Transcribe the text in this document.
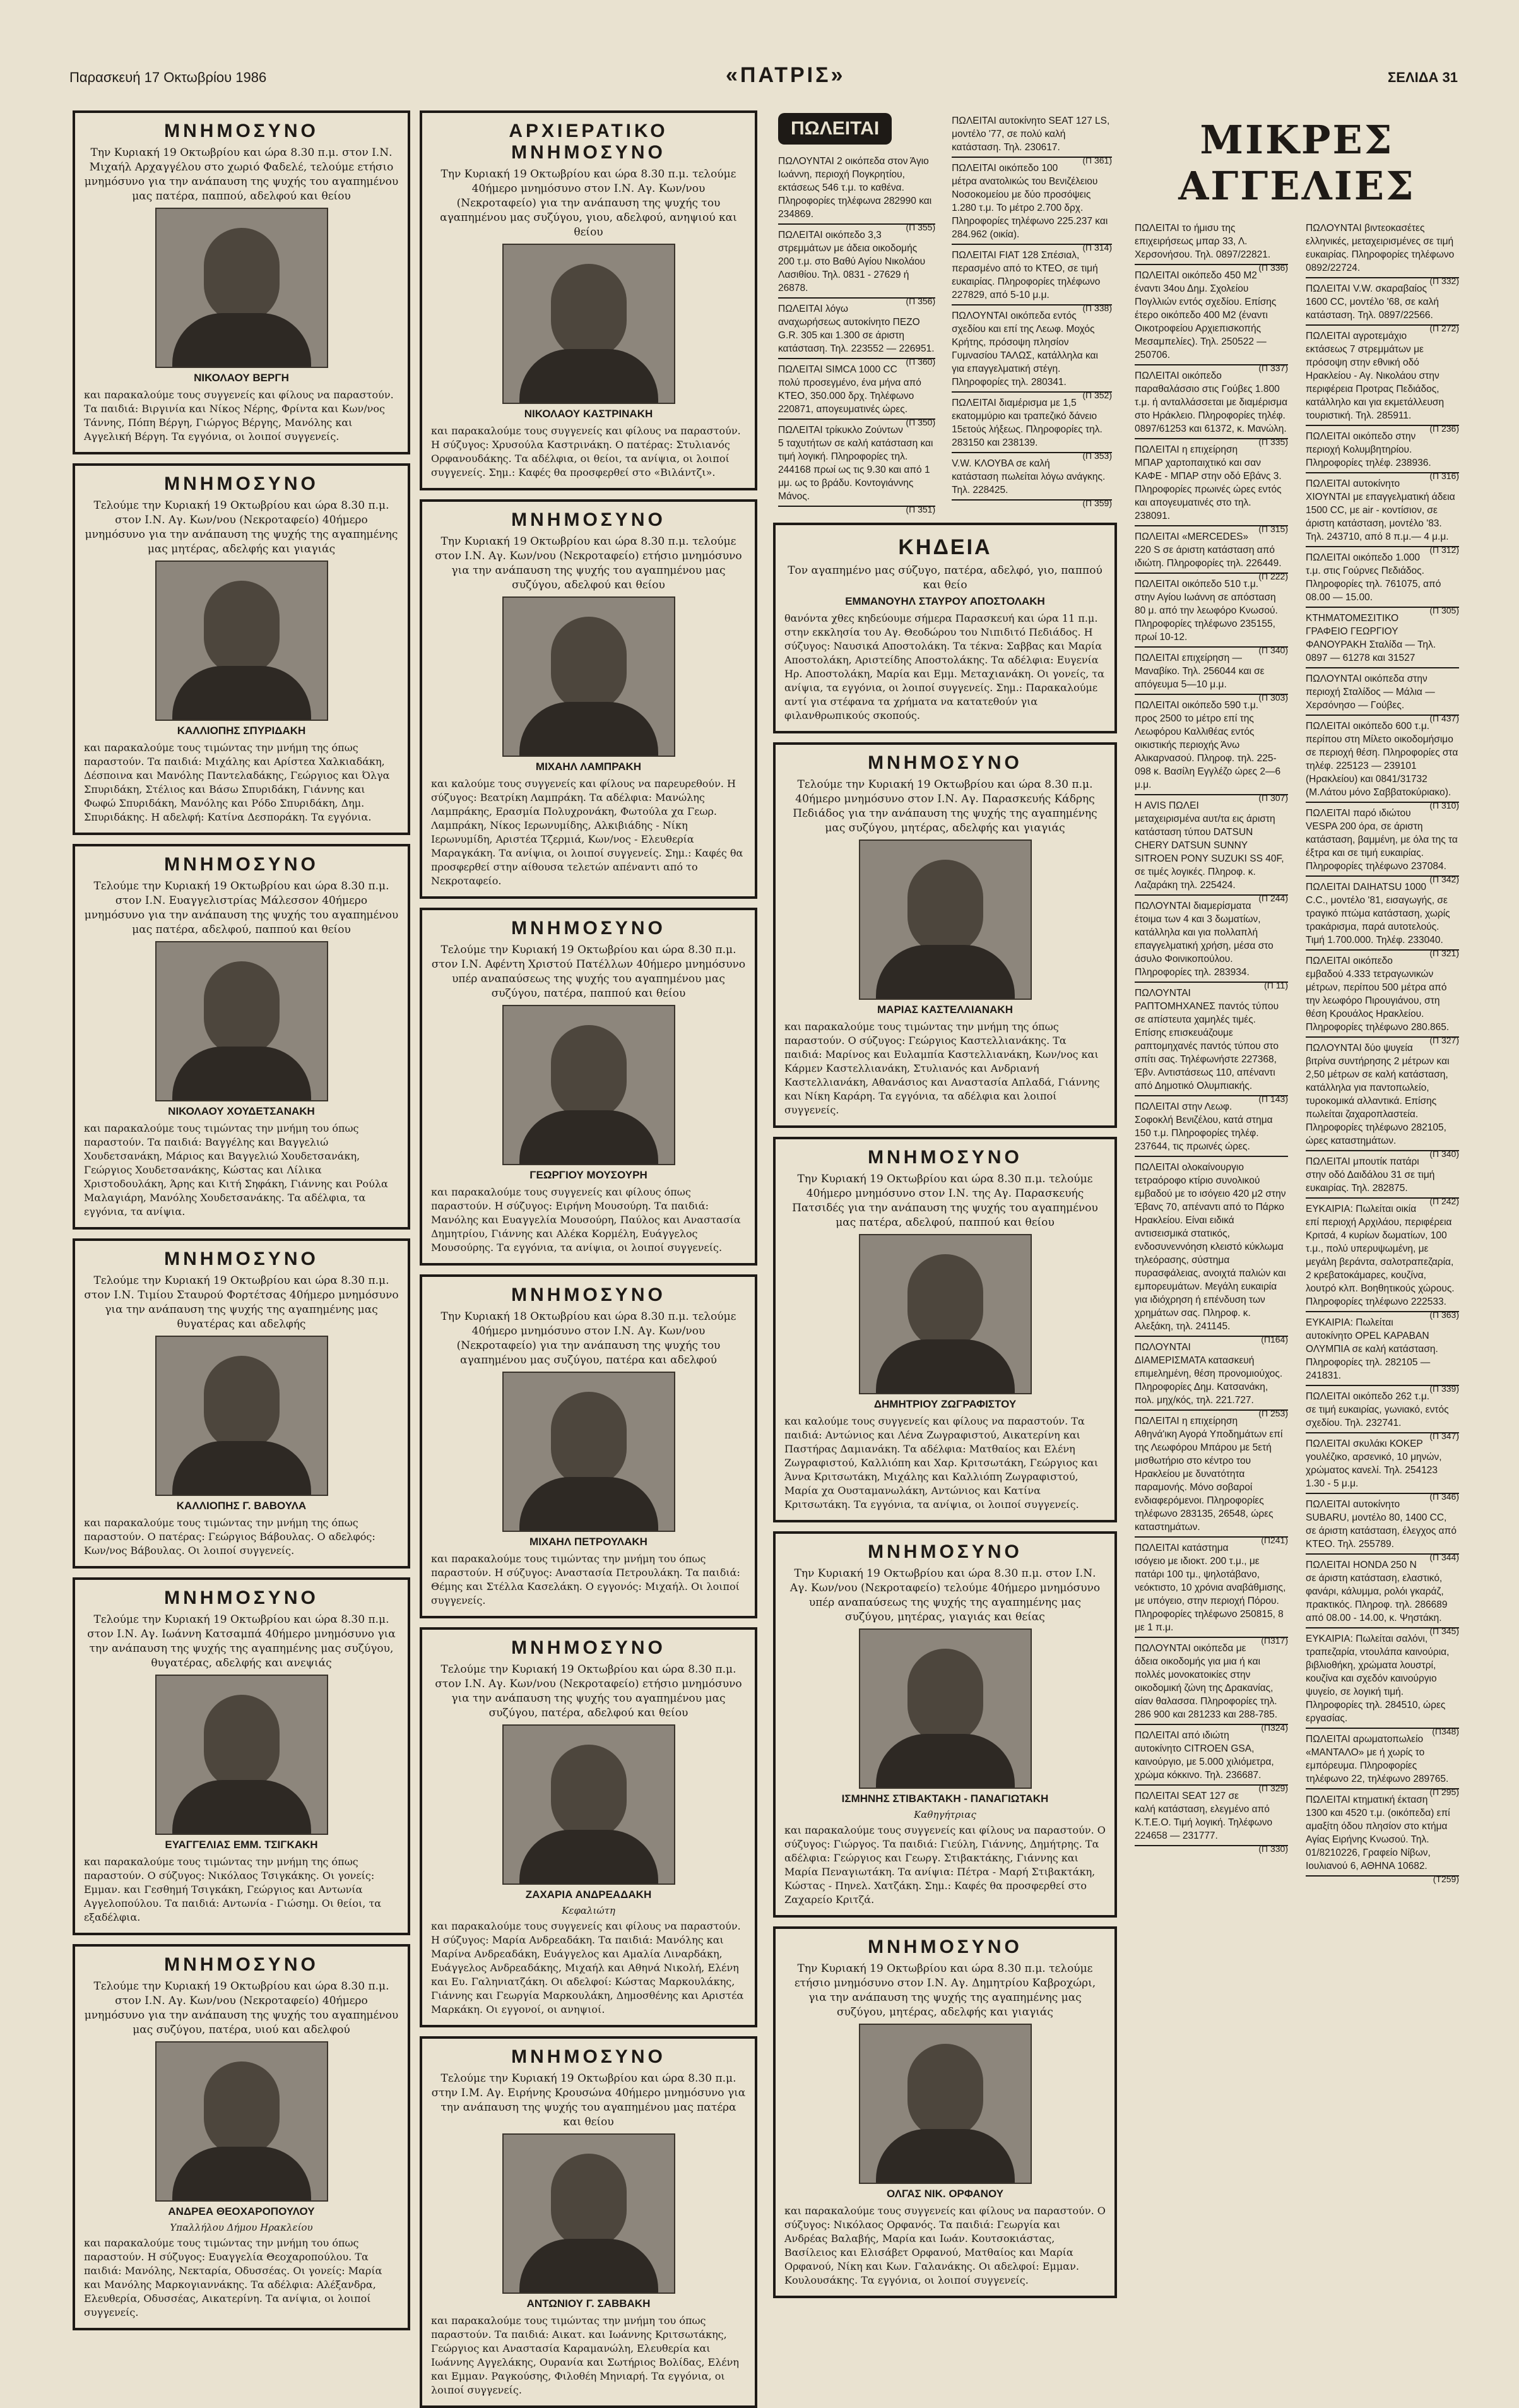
Παρασκευή 17 Οκτωβρίου 1986	«ΠΑΤΡΙΣ»	ΣΕΛΙΔΑ 31
ΜΝΗΜΟΣΥΝΟ

Την Κυριακή 19 Οκτωβρίου και ώρα 8.30 π.μ. στον Ι.Ν. Μιχαήλ Αρχαγγέλου στο χωριό Φαδελέ, τελούμε ετήσιο μνημόσυνο για την ανάπαυση της ψυχής του αγαπημένου μας πατέρα, παππού, αδελφού και θείου

ΝΙΚΟΛΑΟΥ ΒΕΡΓΗ

και παρακαλούμε τους συγγενείς και φίλους να παραστούν. Τα παιδιά: Βιργινία και Νίκος Νέρης, Φρίντα και Κων/νος Τάννης, Πόπη Βέργη, Γιώργος Βέργης, Μανόλης και Αγγελική Βέργη. Τα εγγόνια, οι λοιποί συγγενείς.

ΜΝΗΜΟΣΥΝΟ

Τελούμε την Κυριακή 19 Οκτωβρίου και ώρα 8.30 π.μ. στον Ι.Ν. Αγ. Κων/νου (Νεκροταφείο) 40ήμερο μνημόσυνο για την ανάπαυση της ψυχής της αγαπημένης μας μητέρας, αδελφής και γιαγιάς

ΚΑΛΛΙΟΠΗΣ ΣΠΥΡΙΔΑΚΗ

και παρακαλούμε τους τιμώντας την μνήμη της όπως παραστούν. Τα παιδιά: Μιχάλης και Αρίστεα Χαλκιαδάκη, Δέσποινα και Μανόλης Παντελαδάκης, Γεώργιος και Όλγα Σπυριδάκη, Στέλιος και Βάσω Σπυριδάκη, Γιάννης και Φωφώ Σπυριδάκη, Μανόλης και Ρόδο Σπυριδάκη, Δημ. Σπυριδάκης. Η αδελφή: Κατίνα Δεσποράκη. Τα εγγόνια.

ΜΝΗΜΟΣΥΝΟ

Τελούμε την Κυριακή 19 Οκτωβρίου και ώρα 8.30 π.μ. στον Ι.Ν. Ευαγγελιστρίας Μάλεσσον 40ήμερο μνημόσυνο για την ανάπαυση της ψυχής του αγαπημένου μας πατέρα, αδελφού, παππού και θείου

ΝΙΚΟΛΑΟΥ ΧΟΥΔΕΤΣΑΝΑΚΗ

και παρακαλούμε τους τιμώντας την μνήμη του όπως παραστούν. Τα παιδιά: Βαγγέλης και Βαγγελιώ Χουδετσανάκη, Μάριος και Βαγγελιώ Χουδετσανάκη, Γεώργιος Χουδετσανάκης, Κώστας και Λίλικα Χριστοδουλάκη, Άρης και Κιτή Σηφάκη, Γιάννης και Ρούλα Μαλαγιάρη, Μανόλης Χουδετσανάκης. Τα αδέλφια, τα εγγόνια, τα ανίψια.

ΜΝΗΜΟΣΥΝΟ

Τελούμε την Κυριακή 19 Οκτωβρίου και ώρα 8.30 π.μ. στον Ι.Ν. Τιμίου Σταυρού Φορτέτσας 40ήμερο μνημόσυνο για την ανάπαυση της ψυχής της αγαπημένης μας θυγατέρας και αδελφής

ΚΑΛΛΙΟΠΗΣ Γ. ΒΑΒΟΥΛΑ

και παρακαλούμε τους τιμώντας την μνήμη της όπως παραστούν. Ο πατέρας: Γεώργιος Βάβουλας. Ο αδελφός: Κων/νος Βάβουλας. Οι λοιποί συγγενείς.

ΜΝΗΜΟΣΥΝΟ

Τελούμε την Κυριακή 19 Οκτωβρίου και ώρα 8.30 π.μ. στον Ι.Ν. Αγ. Ιωάννη Κατσαμπά 40ήμερο μνημόσυνο για την ανάπαυση της ψυχής της αγαπημένης μας συζύγου, θυγατέρας, αδελφής και ανεψιάς

ΕΥΑΓΓΕΛΙΑΣ ΕΜΜ. ΤΣΙΓΚΑΚΗ

και παρακαλούμε τους τιμώντας την μνήμη της όπως παραστούν. Ο σύζυγος: Νικόλαος Τσιγκάκης. Οι γονείς: Εμμαν. και Γεσθημή Τσιγκάκη, Γεώργιος και Αντωνία Αγγελοπούλου. Τα παιδιά: Αντωνία - Γιώσημ. Οι θείοι, τα εξαδέλφια.

ΜΝΗΜΟΣΥΝΟ

Τελούμε την Κυριακή 19 Οκτωβρίου και ώρα 8.30 π.μ. στον Ι.Ν. Αγ. Κων/νου (Νεκροταφείο) 40ήμερο μνημόσυνο για την ανάπαυση της ψυχής του αγαπημένου μας συζύγου, πατέρα, υιού και αδελφού

ΑΝΔΡΕΑ ΘΕΟΧΑΡΟΠΟΥΛΟΥ
Υπαλλήλου Δήμου Ηρακλείου

και παρακαλούμε τους τιμώντας την μνήμη του όπως παραστούν. Η σύζυγος: Ευαγγελία Θεοχαροπούλου. Τα παιδιά: Μανόλης, Νεκταρία, Οδυσσέας. Οι γονείς: Μαρία και Μανόλης Μαρκογιαννάκης. Τα αδέλφια: Αλέξανδρα, Ελευθερία, Οδυσσέας, Αικατερίνη. Τα ανίψια, οι λοιποί συγγενείς.

ΑΡΧΙΕΡΑΤΙΚΟ ΜΝΗΜΟΣΥΝΟ

Την Κυριακή 19 Οκτωβρίου και ώρα 8.30 π.μ. τελούμε 40ήμερο μνημόσυνο στον Ι.Ν. Αγ. Κων/νου (Νεκροταφείο) για την ανάπαυση της ψυχής του αγαπημένου μας συζύγου, γιου, αδελφού, ανηψιού και θείου

ΝΙΚΟΛΑΟΥ ΚΑΣΤΡΙΝΑΚΗ

και παρακαλούμε τους συγγενείς και φίλους να παραστούν. Η σύζυγος: Χρυσούλα Καστρινάκη. Ο πατέρας: Στυλιανός Ορφανουδάκης. Τα αδέλφια, οι θείοι, τα ανίψια, οι λοιποί συγγενείς. Σημ.: Καφές θα προσφερθεί στο «Βιλάντζι».

ΜΝΗΜΟΣΥΝΟ

Την Κυριακή 19 Οκτωβρίου και ώρα 8.30 π.μ. τελούμε στον Ι.Ν. Αγ. Κων/νου (Νεκροταφείο) ετήσιο μνημόσυνο για την ανάπαυση της ψυχής του αγαπημένου μας συζύγου, αδελφού και θείου

ΜΙΧΑΗΛ ΛΑΜΠΡΑΚΗ

και καλούμε τους συγγενείς και φίλους να παρευρεθούν. Η σύζυγος: Βεατρίκη Λαμπράκη. Τα αδέλφια: Μανώλης Λαμπράκης, Ερασμία Πολυχρονάκη, Φωτούλα χα Γεωρ. Λαμπράκη, Νίκος Ιερωνυμίδης, Αλκιβιάδης - Νίκη Ιερωνυμίδη, Αριστέα Τζερμιά, Κων/νος - Ελευθερία Μαραγκάκη. Τα ανίψια, οι λοιποί συγγενείς. Σημ.: Καφές θα προσφερθεί στην αίθουσα τελετών απέναντι από το Νεκροταφείο.

ΜΝΗΜΟΣΥΝΟ

Τελούμε την Κυριακή 19 Οκτωβρίου και ώρα 8.30 π.μ. στον Ι.Ν. Αφέντη Χριστού Πατέλλων 40ήμερο μνημόσυνο υπέρ αναπαύσεως της ψυχής του αγαπημένου μας συζύγου, πατέρα, παππού και θείου

ΓΕΩΡΓΙΟΥ ΜΟΥΣΟΥΡΗ

και παρακαλούμε τους συγγενείς και φίλους όπως παραστούν. Η σύζυγος: Ειρήνη Μουσούρη. Τα παιδιά: Μανόλης και Ευαγγελία Μουσούρη, Παύλος και Αναστασία Δημητρίου, Γιάννης και Αλέκα Κορμέλη, Ευάγγελος Μουσούρης. Τα εγγόνια, τα ανίψια, οι λοιποί συγγενείς.

ΜΝΗΜΟΣΥΝΟ

Την Κυριακή 18 Οκτωβρίου και ώρα 8.30 π.μ. τελούμε 40ήμερο μνημόσυνο στον Ι.Ν. Αγ. Κων/νου (Νεκροταφείο) για την ανάπαυση της ψυχής του αγαπημένου μας συζύγου, πατέρα και αδελφού

ΜΙΧΑΗΛ ΠΕΤΡΟΥΛΑΚΗ

και παρακαλούμε τους τιμώντας την μνήμη του όπως παραστούν. Η σύζυγος: Αναστασία Πετρουλάκη. Τα παιδιά: Θέμης και Στέλλα Κασελάκη. Ο εγγονός: Μιχαήλ. Οι λοιποί συγγενείς.

ΜΝΗΜΟΣΥΝΟ

Τελούμε την Κυριακή 19 Οκτωβρίου και ώρα 8.30 π.μ. στον Ι.Ν. Αγ. Κων/νου (Νεκροταφείο) ετήσιο μνημόσυνο για την ανάπαυση της ψυχής του αγαπημένου μας συζύγου, πατέρα, αδελφού και θείου

ΖΑΧΑΡΙΑ ΑΝΔΡΕΑΔΑΚΗ
Κεφαλιώτη

και παρακαλούμε τους συγγενείς και φίλους να παραστούν. Η σύζυγος: Μαρία Ανδρεαδάκη. Τα παιδιά: Μανόλης και Μαρίνα Ανδρεαδάκη, Ευάγγελος και Αμαλία Λιναρδάκη, Ευάγγελος Ανδρεαδάκης, Μιχαήλ και Αθηνά Νικολή, Ελένη και Ευ. Γαληνιατζάκη. Οι αδελφοί: Κώστας Μαρκουλάκης, Γιάννης και Γεωργία Μαρκουλάκη, Δημοσθένης και Αριστέα Μαρκάκη. Οι εγγονοί, οι ανηψιοί.

ΜΝΗΜΟΣΥΝΟ

Τελούμε την Κυριακή 19 Οκτωβρίου και ώρα 8.30 π.μ. στην Ι.Μ. Αγ. Ειρήνης Κρουσώνα 40ήμερο μνημόσυνο για την ανάπαυση της ψυχής του αγαπημένου μας πατέρα και θείου

ΑΝΤΩΝΙΟΥ Γ. ΣΑΒΒΑΚΗ

και παρακαλούμε τους τιμώντας την μνήμη του όπως παραστούν. Τα παιδιά: Αικατ. και Ιωάννης Κριτσωτάκης, Γεώργιος και Αναστασία Καραμανώλη, Ελευθερία και Ιωάννης Αγγελάκης, Ουρανία και Σωτήριος Βολίδας, Ελένη και Εμμαν. Ραγκούσης, Φιλοθέη Μηνιαρή. Τα εγγόνια, οι λοιποί συγγενείς.

ΠΩΛΕΙΤΑΙ

ΠΩΛΟΥΝΤΑΙ 2 οικόπεδα στον Άγιο Ιωάννη, περιοχή Πογκρητίου, εκτάσεως 546 τ.μ. το καθένα. Πληροφορίες τηλέφωνα 282990 και 234869.

(Π 355)

ΠΩΛΕΙΤΑΙ οικόπεδο 3,3 στρεμμάτων με άδεια οικοδομής 200 τ.μ. στο Βαθύ Αγίου Νικολάου Λασιθίου. Τηλ. 0831 - 27629 ή 26878.

(Π 356)

ΠΩΛΕΙΤΑΙ λόγω αναχωρήσεως αυτοκίνητο ΠΕΖΟ G.R. 305 και 1.300 σε άριστη κατάσταση. Τηλ. 223552 — 226951.

(Π 360)

ΠΩΛΕΙΤΑΙ SIMCA 1000 CC πολύ προσεγμένο, ένα μήνα από ΚΤΕΟ, 350.000 δρχ. Τηλέφωνο 220871, απογευματινές ώρες.

(Π 350)

ΠΩΛΕΙΤΑΙ τρίκυκλο Ζούντων 5 ταχυτήτων σε καλή κατάσταση και τιμή λογική. Πληροφορίες τηλ. 244168 πρωί ως τις 9.30 και από 1 μμ. ως το βράδυ. Κοντογιάννης Μάνος.

(Π 351)

ΠΩΛΕΙΤΑΙ αυτοκίνητο SEAT 127 LS, μοντέλο '77, σε πολύ καλή κατάσταση. Τηλ. 230617.

(Π 361)

ΠΩΛΕΙΤΑΙ οικόπεδο 100 μέτρα ανατολικώς του Βενιζέλειου Νοσοκομείου με δύο προσόψεις 1.280 τ.μ. Το μέτρο 2.700 δρχ. Πληροφορίες τηλέφωνο 225.237 και 284.962 (οικία).

(Π 314)

ΠΩΛΕΙΤΑΙ FIAT 128 Σπέσιαλ, περασμένο από το ΚΤΕΟ, σε τιμή ευκαιρίας. Πληροφορίες τηλέφωνο 227829, από 5-10 μ.μ.

(Π 338)

ΠΩΛΟΥΝΤΑΙ οικόπεδα εντός σχεδίου και επί της Λεωφ. Μοχός Κρήτης, πρόσοψη πλησίον Γυμνασίου ΤΑΛΩΣ, κατάλληλα και για επαγγελματική στέγη. Πληροφορίες τηλ. 280341.

(Π 352)

ΠΩΛΕΙΤΑΙ διαμέρισμα με 1,5 εκατομμύριο και τραπεζικό δάνειο 15ετούς λήξεως. Πληροφορίες τηλ. 283150 και 238139.

(Π 353)

V.W. ΚΛΟΥΒΑ σε καλή κατάσταση πωλείται λόγω ανάγκης. Τηλ. 228425.

(Π 359)

ΚΗΔΕΙΑ

Τον αγαπημένο μας σύζυγο, πατέρα, αδελφό, γιο, παππού και θείο

ΕΜΜΑΝΟΥΗΛ ΣΤΑΥΡΟΥ ΑΠΟΣΤΟΛΑΚΗ

θανόντα χθες κηδεύουμε σήμερα Παρασκευή και ώρα 11 π.μ. στην εκκλησία του Αγ. Θεοδώρου του Νιπιδιτό Πεδιάδος. Η σύζυγος: Ναυσικά Αποστολάκη. Τα τέκνα: Σαββας και Μαρία Αποστολάκη, Αριστείδης Αποστολάκης. Τα αδέλφια: Ευγενία Ηρ. Αποστολάκη, Μαρία και Εμμ. Μεταχιανάκη. Οι γονείς, τα ανίψια, τα εγγόνια, οι λοιποί συγγενείς. Σημ.: Παρακαλούμε αντί για στέφανα τα χρήματα να κατατεθούν για φιλανθρωπικούς σκοπούς.

ΜΝΗΜΟΣΥΝΟ

Τελούμε την Κυριακή 19 Οκτωβρίου και ώρα 8.30 π.μ. 40ήμερο μνημόσυνο στον Ι.Ν. Αγ. Παρασκευής Κάδρης Πεδιάδος για την ανάπαυση της ψυχής της αγαπημένης μας συζύγου, μητέρας, αδελφής και γιαγιάς

ΜΑΡΙΑΣ ΚΑΣΤΕΛΛΙΑΝΑΚΗ

και παρακαλούμε τους τιμώντας την μνήμη της όπως παραστούν. Ο σύζυγος: Γεώργιος Καστελλιανάκης. Τα παιδιά: Μαρίνος και Ευλαμπία Καστελλιανάκη, Κων/νος και Κάρμεν Καστελλιανάκη, Στυλιανός και Ανδριανή Καστελλιανάκη, Αθανάσιος και Αναστασία Απλαδά, Γιάννης και Νίκη Καράρη. Τα εγγόνια, τα αδέλφια και λοιποί συγγενείς.

ΜΝΗΜΟΣΥΝΟ

Την Κυριακή 19 Οκτωβρίου και ώρα 8.30 π.μ. τελούμε 40ήμερο μνημόσυνο στον Ι.Ν. της Αγ. Παρασκευής Πατσιδές για την ανάπαυση της ψυχής του αγαπημένου μας πατέρα, αδελφού, παππού και θείου

ΔΗΜΗΤΡΙΟΥ ΖΩΓΡΑΦΙΣΤΟΥ

και καλούμε τους συγγενείς και φίλους να παραστούν. Τα παιδιά: Αντώνιος και Λένα Ζωγραφιστού, Αικατερίνη και Παστήρας Δαμιανάκη. Τα αδέλφια: Ματθαίος και Ελένη Ζωγραφιστού, Καλλιόπη και Χαρ. Κριτσωτάκη, Γεώργιος και Άννα Κριτσωτάκη, Μιχάλης και Καλλιόπη Ζωγραφιστού, Μαρία χα Ουσταμανωλάκη, Αντώνιος και Κατίνα Κριτσωτάκη. Τα εγγόνια, τα ανίψια, οι λοιποί συγγενείς.

ΜΝΗΜΟΣΥΝΟ

Την Κυριακή 19 Οκτωβρίου και ώρα 8.30 π.μ. στον Ι.Ν. Αγ. Κων/νου (Νεκροταφείο) τελούμε 40ήμερο μνημόσυνο υπέρ αναπαύσεως της ψυχής της αγαπημένης μας συζύγου, μητέρας, γιαγιάς και θείας

ΙΣΜΗΝΗΣ ΣΤΙΒΑΚΤΑΚΗ - ΠΑΝΑΓΙΩΤΑΚΗ
Καθηγήτριας

και παρακαλούμε τους συγγενείς και φίλους να παραστούν. Ο σύζυγος: Γιώργος. Τα παιδιά: Γιεύλη, Γιάννης, Δημήτρης. Τα αδέλφια: Γεώργιος και Γεωργ. Στιβακτάκης, Γιάννης και Μαρία Πεναγιωτάκη. Τα ανίψια: Πέτρα - Μαρή Στιβακτάκη, Κώστας - Πηνελ. Χατζάκη. Σημ.: Καφές θα προσφερθεί στο Ζαχαρείο Κριτζά.

ΜΝΗΜΟΣΥΝΟ

Την Κυριακή 19 Οκτωβρίου και ώρα 8.30 π.μ. τελούμε ετήσιο μνημόσυνο στον Ι.Ν. Αγ. Δημητρίου Καβροχώρι, για την ανάπαυση της ψυχής της αγαπημένης μας συζύγου, μητέρας, αδελφής και γιαγιάς

ΟΛΓΑΣ ΝΙΚ. ΟΡΦΑΝΟΥ

και παρακαλούμε τους συγγενείς και φίλους να παραστούν. Ο σύζυγος: Νικόλαος Ορφανός. Τα παιδιά: Γεωργία και Ανδρέας Βαλαβής, Μαρία και Ιωάν. Κουτσοκιάστας, Βασίλειος και Ελισάβετ Ορφανού, Ματθαίος και Μαρία Ορφανού, Νίκη και Κων. Γαλανάκης. Οι αδελφοί: Εμμαν. Κουλουσάκης. Τα εγγόνια, οι λοιποί συγγενείς.

ΜΙΚΡΕΣ ΑΓΓΕΛΙΕΣ

ΠΩΛΕΙΤΑΙ το ήμισυ της επιχειρήσεως μπαρ 33, Λ. Χερσονήσου. Τηλ. 0897/22821.

(Π 336)

ΠΩΛΕΙΤΑΙ οικόπεδο 450 Μ2 έναντι 34ου Δημ. Σχολείου Πογλλιών εντός σχεδίου. Επίσης έτερο οικόπεδο 400 Μ2 (έναντι Οικοτροφείου Αρχιεπισκοπής Μεσαμπελίες). Τηλ. 250522 — 250706.

(Π 337)

ΠΩΛΕΙΤΑΙ οικόπεδο παραθαλάσσιο στις Γούβες 1.800 τ.μ. ή ανταλλάσσεται με διαμέρισμα στο Ηράκλειο. Πληροφορίες τηλέφ. 0897/61253 και 61372, κ. Μανώλη.

(Π 335)

ΠΩΛΕΙΤΑΙ η επιχείρηση ΜΠΑΡ χαρτοπαιχτικό και σαν ΚΑΦΕ - ΜΠΑΡ στην οδό Εβάνς 3. Πληροφορίες πρωινές ώρες εντός και απογευματινές στο τηλ. 238091.

(Π 315)

ΠΩΛΕΙΤΑΙ «MERCEDES» 220 S σε άριστη κατάσταση από ιδιώτη. Πληροφορίες τηλ. 226449.

(Π 222)

ΠΩΛΕΙΤΑΙ οικόπεδο 510 τ.μ. στην Αγίου Ιωάννη σε απόσταση 80 μ. από την λεωφόρο Κνωσού. Πληροφορίες τηλέφωνο 235155, πρωί 10-12.

(Π 340)

ΠΩΛΕΙΤΑΙ επιχείρηση — Μαναβίκο. Τηλ. 256044 και σε απόγευμα 5—10 μ.μ.

(Π 303)

ΠΩΛΕΙΤΑΙ οικόπεδο 590 τ.μ. προς 2500 το μέτρο επί της Λεωφόρου Καλλιθέας εντός οικιστικής περιοχής Άνω Αλικαρνασού. Πληροφ. τηλ. 225-098 κ. Βασίλη Εγγλέζο ώρες 2—6 μ.μ.

(Π 307)

Η AVIS ΠΩΛΕΙ μεταχειρισμένα αυτ/τα εις άριστη κατάσταση τύπου DATSUN CHERY DATSUN SUNNY SITROEN PONY SUZUKI SS 40F, σε τιμές λογικές. Πληροφ. κ. Λαζαράκη τηλ. 225424.

(Π 244)

ΠΩΛΟΥΝΤΑΙ διαμερίσματα έτοιμα των 4 και 3 δωματίων, κατάλληλα και για πολλαπλή επαγγελματική χρήση, μέσα στο άσυλο Φοινικοπούλου. Πληροφορίες τηλ. 283934.

(Π 11)

ΠΩΛΟΥΝΤΑΙ ΡΑΠΤΟΜΗΧΑΝΕΣ παντός τύπου σε απίστευτα χαμηλές τιμές. Επίσης επισκευάζουμε ραπτομηχανές παντός τύπου στο σπίτι σας. Τηλέφωνήστε 227368, Έβν. Αντιστάσεως 110, απέναντι από Δημοτικό Ολυμπιακής.

(Π 143)

ΠΩΛΕΙΤΑΙ στην Λεωφ. Σοφοκλή Βενιζέλου, κατά στημα 150 τ.μ. Πληροφορίες τηλέφ. 237644, τις πρωινές ώρες.

ΠΩΛΕΙΤΑΙ ολοκαίνουργιο τετραόροφο κτίριο συνολικού εμβαδού με το ισόγειο 420 μ2 στην Έβανς 70, απέναντι από το Πάρκο Ηρακλείου. Είναι ειδικά αντισεισμικά στατικός, ενδοσυνεννόηση κλειστό κύκλωμα τηλεόρασης, σύστημα πυρασφάλειας, ανοιχτά παλιών και εμπορευμάτων. Μεγάλη ευκαιρία για ιδιόχρηση ή επένδυση των χρημάτων σας. Πληροφ. κ. Αλεξάκη, τηλ. 241145.

(Π164)

ΠΩΛΟΥΝΤΑΙ ΔΙΑΜΕΡΙΣΜΑΤΑ κατασκευή επιμελημένη, θέση προνομιούχος. Πληροφορίες Δημ. Κατσανάκη, πολ. μηχ/κός, τηλ. 221.727.

(Π 253)

ΠΩΛΕΙΤΑΙ η επιχείρηση Αθηνά'ικη Αγορά Υποδημάτων επί της Λεωφόρου Μπάρου με 5ετή μισθωτήριο στο κέντρο του Ηρακλείου με δυνατότητα παραμονής. Μόνο σοβαροί ενδιαφερόμενοι. Πληροφορίες τηλέφωνο 283135, 26548, ώρες καταστημάτων.

(Π241)

ΠΩΛΕΙΤΑΙ κατάστημα ισόγειο με ιδιοκτ. 200 τ.μ., με πατάρι 100 τμ., ψηλοτάβανο, νεόκτιστο, 10 χρόνια αναβάθμισης, με υπόγειο, στην περιοχή Πόρου. Πληροφορίες τηλέφωνο 250815, 8 με 1 π.μ.

(Π317)

ΠΩΛΟΥΝΤΑΙ οικόπεδα με άδεια οικοδομής για μια ή και πολλές μονοκατοικίες στην οικοδομική ζώνη της Δρακανίας, αίαν θαλασσα. Πληροφορίες τηλ. 286 900 και 281233 και 288-785.

(Π324)

ΠΩΛΕΙΤΑΙ από ιδιώτη αυτοκίνητο CITROEN GSA, καινούργιο, με 5.000 χιλιόμετρα, χρώμα κόκκινο. Τηλ. 236687.

(Π 329)

ΠΩΛΕΙΤΑΙ SEAT 127 σε καλή κατάσταση, ελεγμένο από Κ.Τ.Ε.Ο. Τιμή λογική. Τηλέφωνο 224658 — 231777.

(Π 330)

ΠΩΛΟΥΝΤΑΙ βιντεοκασέτες ελληνικές, μεταχειρισμένες σε τιμή ευκαιρίας. Πληροφορίες τηλέφωνο 0892/22724.

(Π 332)

ΠΩΛΕΙΤΑΙ V.W. σκαραβαίος 1600 CC, μοντέλο '68, σε καλή κατάσταση. Τηλ. 0897/22566.

(Π 272)

ΠΩΛΕΙΤΑΙ αγροτεμάχιο εκτάσεως 7 στρεμμάτων με πρόσοψη στην εθνική οδό Ηρακλείου - Αγ. Νικολάου στην περιφέρεια Προτρας Πεδιάδος, κατάλληλο και για εκμετάλλευση τουριστική. Τηλ. 285911.

(Π 236)

ΠΩΛΕΙΤΑΙ οικόπεδο στην περιοχή Κολυμβητηρίου. Πληροφορίες τηλέφ. 238936.

(Π 316)

ΠΩΛΕΙΤΑΙ αυτοκίνητο ΧΙΟΥΝΤΑΙ με επαγγελματική άδεια 1500 CC, με air - κοντίσιον, σε άριστη κατάσταση, μοντέλο '83. Τηλ. 243710, από 8 π.μ.— 4 μ.μ.

(Π 312)

ΠΩΛΕΙΤΑΙ οικόπεδο 1.000 τ.μ. στις Γούρνες Πεδιάδος. Πληροφορίες τηλ. 761075, από 08.00 — 15.00.

(Π 305)

ΚΤΗΜΑΤΟΜΕΣΙΤΙΚΟ ΓΡΑΦΕΙΟ ΓΕΩΡΓΙΟΥ ΦΑΝΟΥΡΑΚΗ Σταλίδα — Τηλ. 0897 — 61278 και 31527

ΠΩΛΟΥΝΤΑΙ οικόπεδα στην περιοχή Σταλίδος — Μάλια — Χερσόνησο — Γούβες.

(Π 437)

ΠΩΛΕΙΤΑΙ οικόπεδο 600 τ.μ. περίπου στη Μίλετο οικοδομήσιμο σε περιοχή θέση. Πληροφορίες στα τηλέφ. 225123 — 239101 (Ηρακλείου) και 0841/31732 (Μ.Λάτου μόνο Σαββατοκύριακο).

(Π 310)

ΠΩΛΕΙΤΑΙ παρό ιδιώτου VESPA 200 όρα, σε άριστη κατάσταση, βαμμένη, με όλα της τα έξτρα και σε τιμή ευκαιρίας. Πληροφορίες τηλέφωνο 237084.

(Π 342)

ΠΩΛΕΙΤΑΙ DAIHATSU 1000 C.C., μοντέλο '81, εισαγωγής, σε τραγικό πτώμα κατάσταση, χωρίς τρακάρισμα, παρά αυτοτελούς. Τιμή 1.700.000. Τηλέφ. 233040.

(Π 321)

ΠΩΛΕΙΤΑΙ οικόπεδο εμβαδού 4.333 τετραγωνικών μέτρων, περίπου 500 μέτρα από την λεωφόρο Πιρουγιάνου, στη θέση Κρουάλος Ηρακλείου. Πληροφορίες τηλέφωνο 280.865.

(Π 327)

ΠΩΛΟΥΝΤΑΙ δύο ψυγεία βιτρίνα συντήρησης 2 μέτρων και 2,50 μέτρων σε καλή κατάσταση, κατάλληλα για παντοπωλείο, τυροκομικά αλλαντικά. Επίσης πωλείται ζαχαροπλαστεία. Πληροφορίες τηλέφωνο 282105, ώρες καταστημάτων.

(Π 340)

ΠΩΛΕΙΤΑΙ μπουτίκ πατάρι στην οδό Δαιδάλου 31 σε τιμή ευκαιρίας. Τηλ. 282875.

(Π 242)

ΕΥΚΑΙΡΙΑ: Πωλείται οικία επί περιοχή Αρχιλάου, περιφέρεια Κριτσά, 4 κυρίων δωματίων, 100 τ.μ., πολύ υπερυψωμένη, με μεγάλη βεράντα, σαλοτραπεζαρία, 2 κρεβατοκάμαρες, κουζίνα, λουτρό κλπ. Βοηθητικούς χώρους. Πληροφορίες τηλέφωνο 222533.

(Π 363)

ΕΥΚΑΙΡΙΑ: Πωλείται αυτοκίνητο OPEL ΚΑΡΑΒΑΝ ΟΛΥΜΠΙΑ σε καλή κατάσταση. Πληροφορίες τηλ. 282105 — 241831.

(Π 339)

ΠΩΛΕΙΤΑΙ οικόπεδο 262 τ.μ. σε τιμή ευκαιρίας, γωνιακό, εντός σχεδίου. Τηλ. 232741.

(Π 347)

ΠΩΛΕΙΤΑΙ σκυλάκι ΚΟΚΕΡ γουλέζικο, αρσενικό, 10 μηνών, χρώματος κανελί. Τηλ. 254123 1.30 - 5 μ.μ.

(Π 346)

ΠΩΛΕΙΤΑΙ αυτοκίνητο SUBARU, μοντέλο 80, 1400 CC, σε άριστη κατάσταση, έλεγχος από ΚΤΕΟ. Τηλ. 255789.

(Π 344)

ΠΩΛΕΙΤΑΙ HONDA 250 N σε άριστη κατάσταση, ελαστικό, φανάρι, κάλυμμα, ρολόι γκαράζ, πρακτικός. Πληροφ. τηλ. 286689 από 08.00 - 14.00, κ. Ψηστάκη.

(Π 345)

ΕΥΚΑΙΡΙΑ: Πωλείται σαλόνι, τραπεζαρία, ντουλάπα καινούρια, βιβλιοθήκη, χρώματα λουστρί, κουζίνα και σχεδόν καινούργιο ψυγείο, σε λογική τιμή. Πληροφορίες τηλ. 284510, ώρες εργασίας.

(Π348)

ΠΩΛΕΙΤΑΙ αρωματοπωλείο «ΜΑΝΤΑΛΟ» με ή χωρίς το εμπόρευμα. Πληροφορίες τηλέφωνο 22, τηλέφωνο 289765.

(Π 295)

ΠΩΛΕΙΤΑΙ κτηματική έκταση 1300 και 4520 τ.μ. (οικόπεδα) επί αμαξίτη όδου πλησίον στο κτήμα Αγίας Ειρήνης Κνωσού. Τηλ. 01/8210226, Γραφείο Νίβων, Ιουλιανού 6, ΑΘΗΝΑ 10682.

(Τ259)
